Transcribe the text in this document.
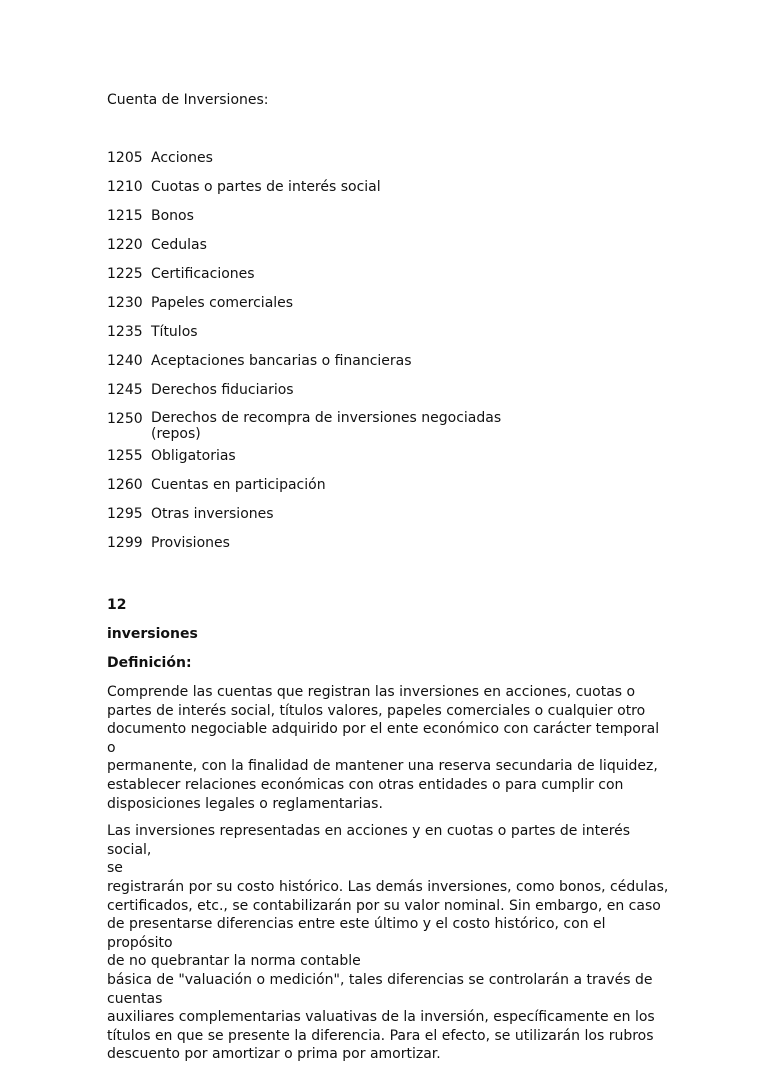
Cuenta de Inversiones:
1205 Acciones
1210 Cuotas o partes de interés social
1215 Bonos
1220 Cedulas
1225 Certificaciones
1230 Papeles comerciales
1235 Títulos
1240 Aceptaciones bancarias o financieras
1245 Derechos fiduciarios
1250 Derechos de recompra de inversiones negociadas (repos)
1255 Obligatorias
1260 Cuentas en participación
1295 Otras inversiones
1299 Provisiones
12
inversiones
Definición:

Comprende las cuentas que registran las inversiones en acciones, cuotas o
partes de interés social, títulos valores, papeles comerciales o cualquier otro
documento negociable adquirido por el ente económico con carácter temporal o
permanente, con la finalidad de mantener una reserva secundaria de liquidez,
establecer relaciones económicas con otras entidades o para cumplir con
disposiciones legales o reglamentarias.

Las inversiones representadas en acciones y en cuotas o partes de interés social,
se
registrarán por su costo histórico. Las demás inversiones, como bonos, cédulas,
certificados, etc., se contabilizarán por su valor nominal. Sin embargo, en caso
de presentarse diferencias entre este último y el costo histórico, con el propósito
de no quebrantar la norma contable
básica de "valuación o medición", tales diferencias se controlarán a través de
cuentas
auxiliares complementarias valuativas de la inversión, específicamente en los
títulos en que se presente la diferencia. Para el efecto, se utilizarán los rubros
descuento por amortizar o prima por amortizar.
